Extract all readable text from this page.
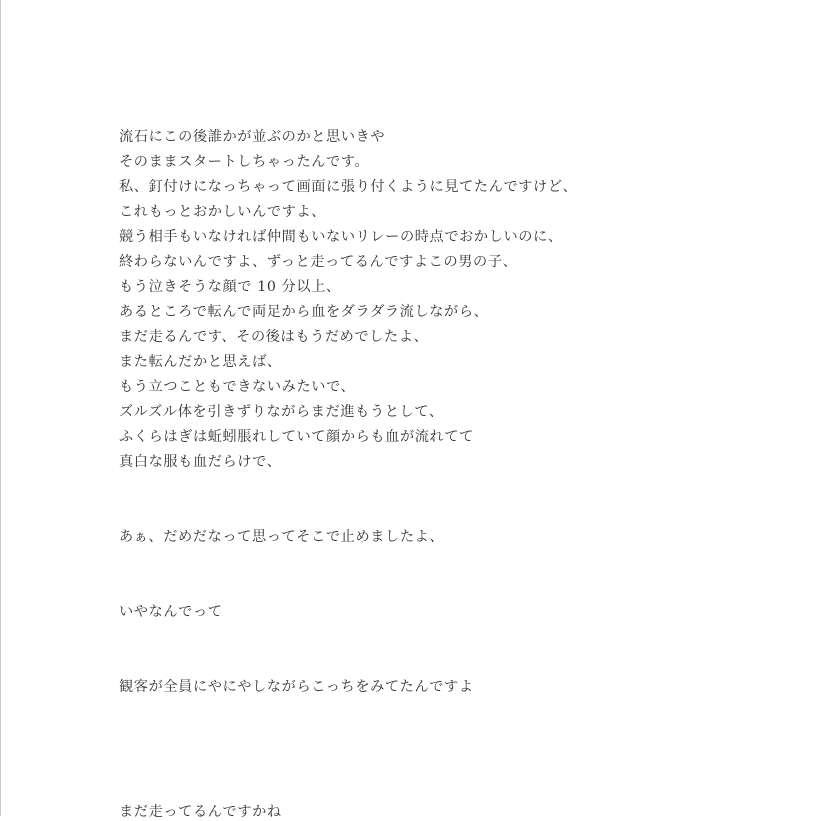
流石にこの後誰かが並ぶのかと思いきや
そのままスタートしちゃったんです。
私、釘付けになっちゃって画面に張り付くように見てたんですけど、
これもっとおかしいんですよ、
競う相手もいなければ仲間もいないリレーの時点でおかしいのに、
終わらないんですよ、ずっと走ってるんですよこの男の子、
もう泣きそうな顔で 10 分以上、
あるところで転んで両足から血をダラダラ流しながら、
まだ走るんです、その後はもうだめでしたよ、
また転んだかと思えば、
もう立つこともできないみたいで、
ズルズル体を引きずりながらまだ進もうとして、
ふくらはぎは蚯蚓脹れしていて顔からも血が流れてて
真白な服も血だらけで、
あぁ、だめだなって思ってそこで止めましたよ、
いやなんでって
観客が全員にやにやしながらこっちをみてたんですよ
まだ走ってるんですかね
